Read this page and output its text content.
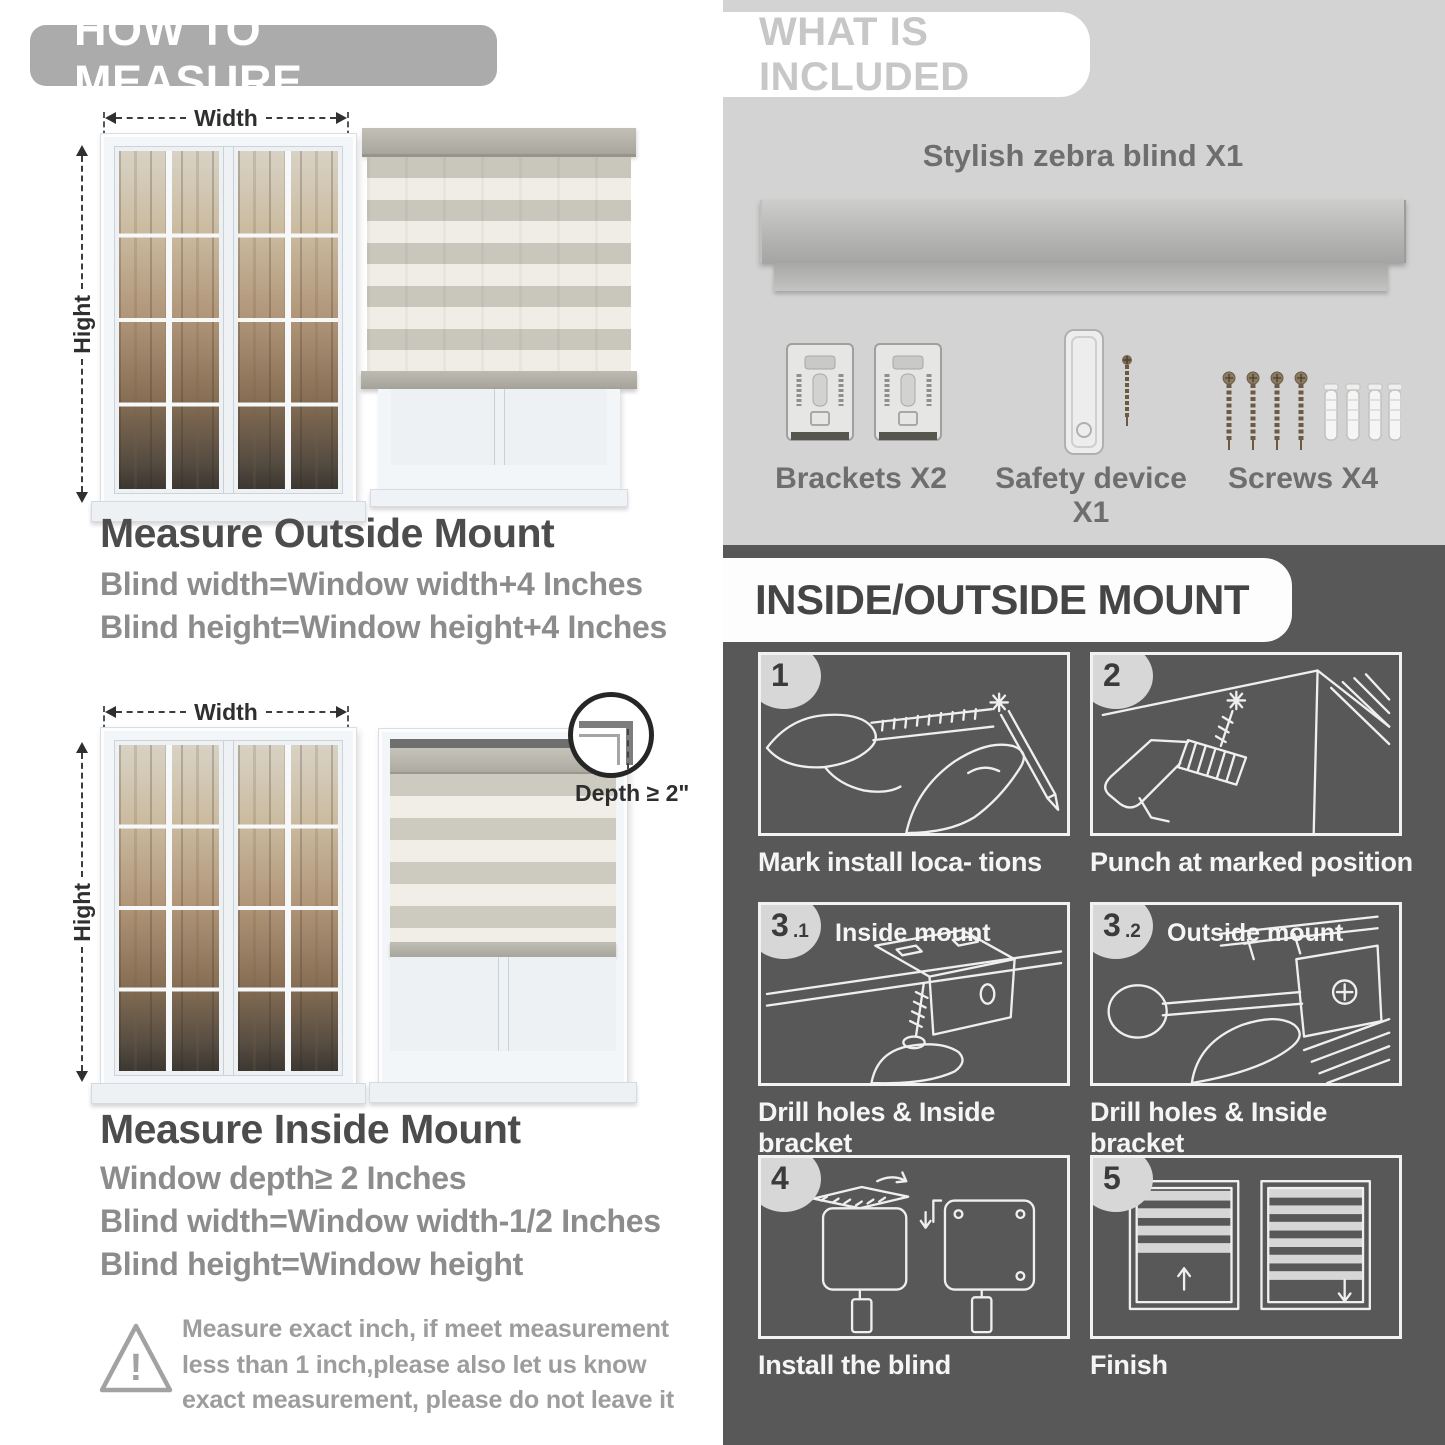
HOW TO MEASURE
Width
Hight
Measure Outside Mount
Blind width=Window width+4 Inches
Blind height=Window height+4 Inches
Width
Hight
Depth ≥ 2"
Measure Inside Mount
Window depth≥ 2 Inches
Blind width=Window width-1/2 Inches
Blind height=Window height
!
Measure exact inch, if meet measurement less than 1 inch,please also let us know exact measurement, please do not leave it
WHAT IS INCLUDED
Stylish zebra blind X1
Brackets X2	Safety device X1
Screws X4
INSIDE/OUTSIDE MOUNT
1
Mark install loca- tions
2
Punch at marked position
3 .1 Inside mount
Drill holes & Inside bracket
3 .2 Outside mount
Drill holes & Inside bracket
4
Install the blind
5
Finish
